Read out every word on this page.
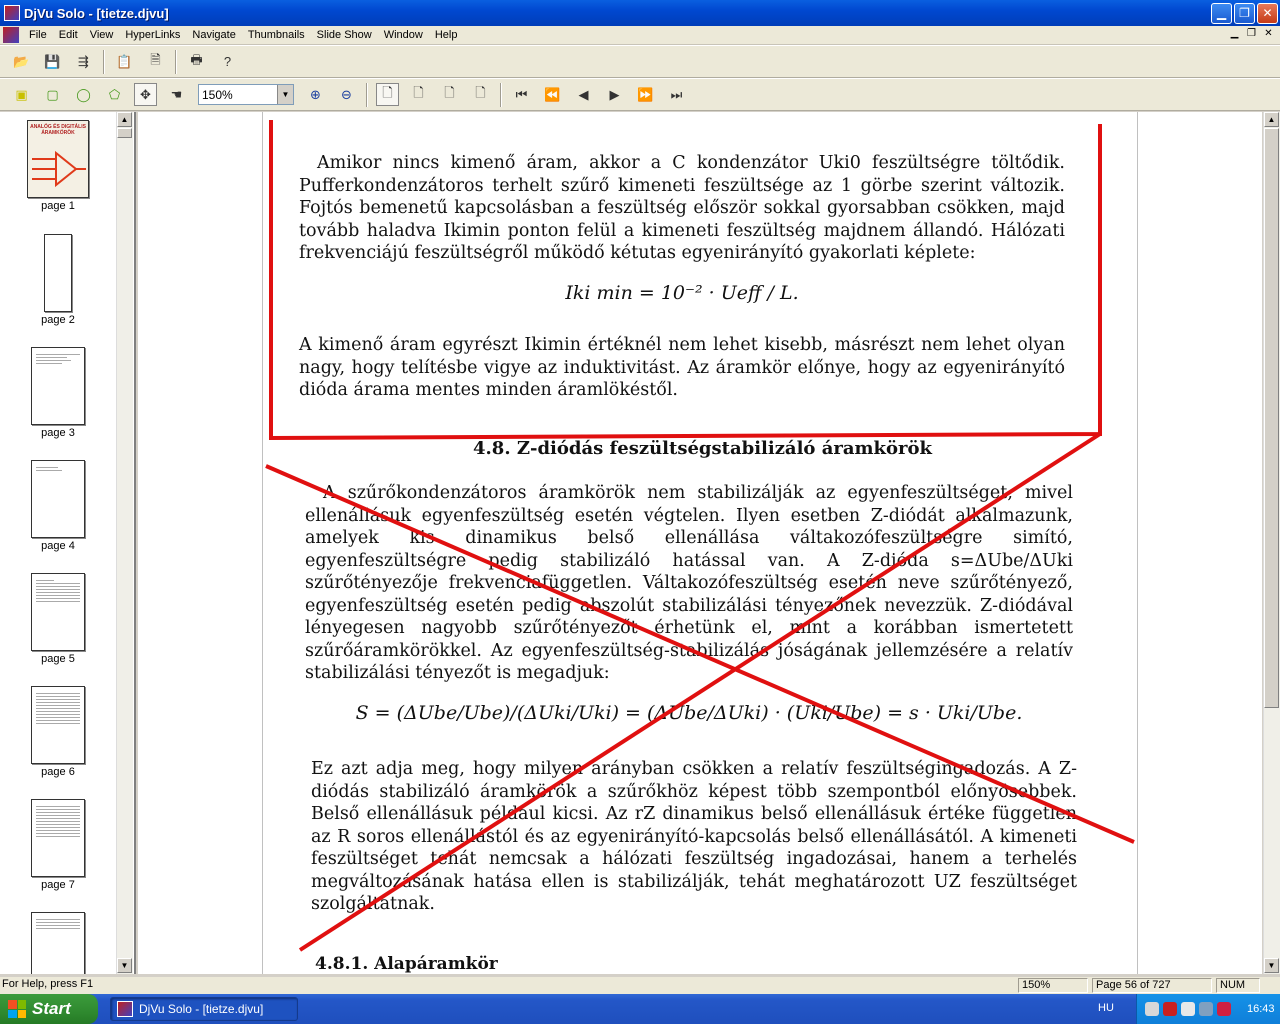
DjVu Solo - [tietze.djvu]	▁	❐	✕
File	Edit	View	HyperLinks	Navigate	Thumbnails	Slide Show	Window	Help	▁ ❐ ✕
📂 💾	⇶	📋	🗎	🖶	?
▣	▢	◯	⬠	✥	☚	150%	▼	⊕	⊖	🗋	🗋	🗋	🗋	⏮	⏪	◀	▶	⏩	⏭
ANALÓG ÉS DIGITÁLIS ÁRAMKÖRÖK
page 1
page 2
page 3
page 4
page 5
page 6
page 7
▲
▼
Amikor nincs kimenő áram, akkor a C kondenzátor Uki0 feszültségre töltődik. Pufferkondenzátoros terhelt szűrő kimeneti feszültsége az 1 görbe szerint változik. Fojtós bemenetű kapcsolásban a feszültség először sokkal gyorsabban csökken, majd tovább haladva Ikimin ponton felül a kimeneti feszültség majdnem állandó. Hálózati frekvenciájú feszültségről működő kétutas egyenirányító gyakorlati képlete:
Iki min = 10⁻² · Ueff / L.
A kimenő áram egyrészt Ikimin értéknél nem lehet kisebb, másrészt nem lehet olyan nagy, hogy telítésbe vigye az induktivitást. Az áramkör előnye, hogy az egyenirányító dióda árama mentes minden áramlökéstől.
4.8. Z-diódás feszültségstabilizáló áramkörök
A szűrőkondenzátoros áramkörök nem stabilizálják az egyenfeszültséget, mivel ellenállásuk egyenfeszültség esetén végtelen. Ilyen esetben Z-diódát alkalmazunk, amelyek kis dinamikus belső ellenállása váltakozófeszültségre simító, egyenfeszültségre pedig stabilizáló hatással van. A Z-dióda s=ΔUbe/ΔUki szűrőtényezője frekvenciafüggetlen. Váltakozófeszültség esetén neve szűrőtényező, egyenfeszültség esetén pedig abszolút stabilizálási tényezőnek nevezzük. Z-diódával lényegesen nagyobb szűrőtényezőt érhetünk el, mint a korábban ismertetett szűrőáramkörökkel. Az egyenfeszültség-stabilizálás jóságának jellemzésére a relatív stabilizálási tényezőt is megadjuk:
S = (ΔUbe/Ube)/(ΔUki/Uki) = (ΔUbe/ΔUki) · (Uki/Ube) = s · Uki/Ube.
Ez azt adja meg, hogy milyen arányban csökken a relatív feszültségingadozás. A Z-diódás stabilizáló áramkörök a szűrőkhöz képest több szempontból előnyösebbek. Belső ellenállásuk például kicsi. Az rZ dinamikus belső ellenállásuk értéke független az R soros ellenállástól és az egyenirányító-kapcsolás belső ellenállásától. A kimeneti feszültséget tehát nemcsak a hálózati feszültség ingadozásai, hanem a terhelés megváltozásának hatása ellen is stabilizálják, tehát meghatározott UZ feszültséget szolgáltatnak.
4.8.1. Alapáramkör
▲
▼
For Help, press F1	150%	Page 56 of 727	NUM
Start	DjVu Solo - [tietze.djvu]	HU	16:43
